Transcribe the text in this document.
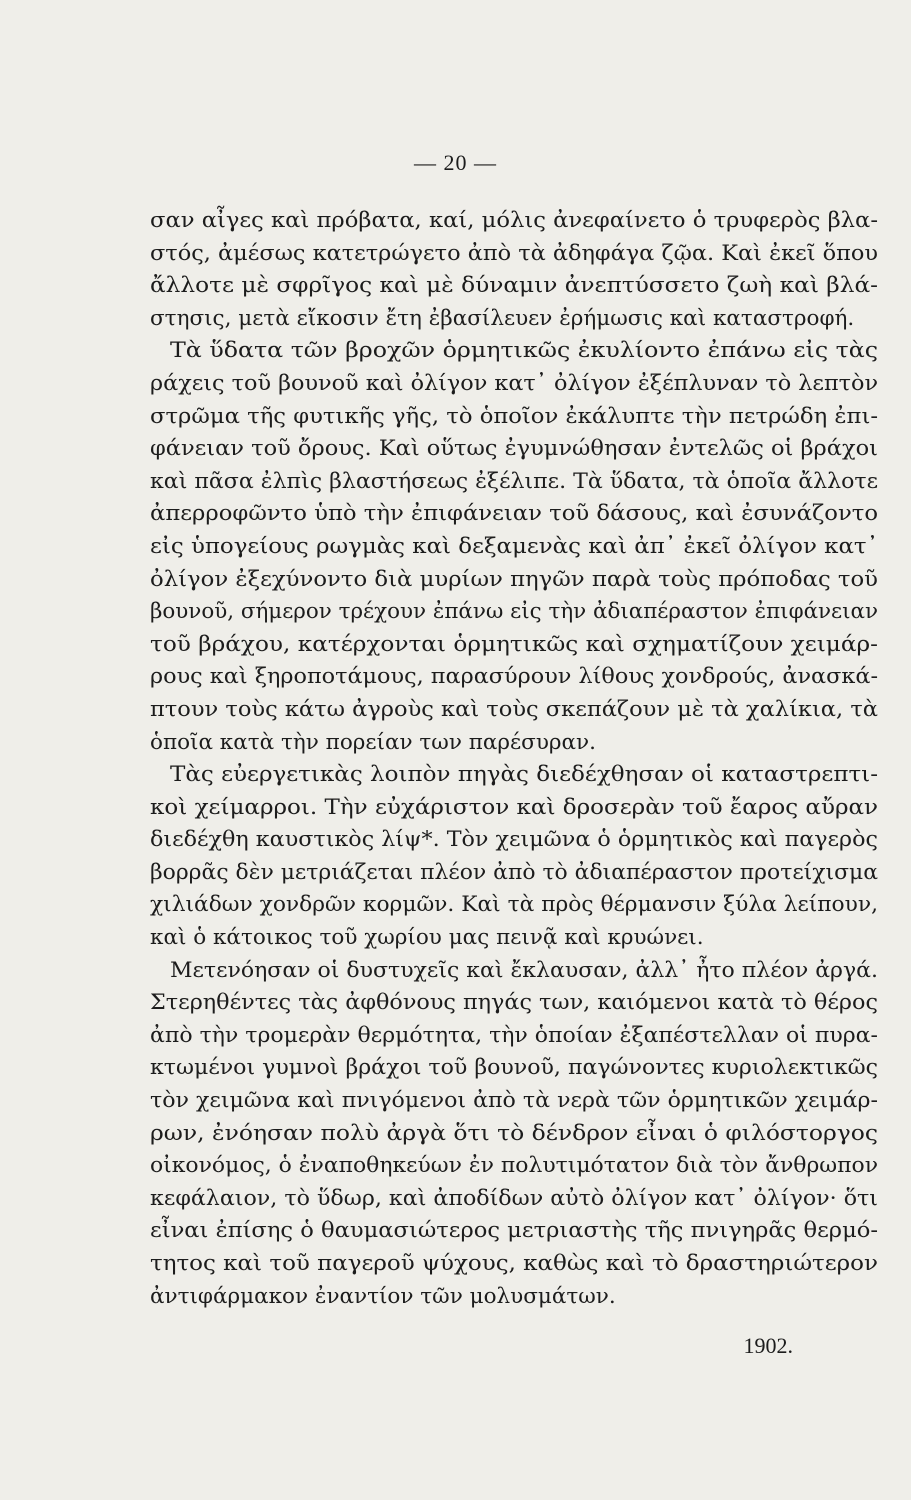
— 20 —
σαν αἶγες καὶ πρόβατα, καί, μόλις ἀνεφαίνετο ὁ τρυφερὸς βλα-
στός, ἀμέσως κατετρώγετο ἀπὸ τὰ ἀδηφάγα ζῷα. Καὶ ἐκεῖ ὅπου
ἄλλοτε μὲ σφρῖγος καὶ μὲ δύναμιν ἀνεπτύσσετο ζωὴ καὶ βλά-
στησις, μετὰ εἴκοσιν ἔτη ἐβασίλευεν ἐρήμωσις καὶ καταστροφή.
Τὰ ὕδατα τῶν βροχῶν ὁρμητικῶς ἐκυλίοντο ἐπάνω εἰς τὰς
ράχεις τοῦ βουνοῦ καὶ ὀλίγον κατ᾽ ὀλίγον ἐξέπλυναν τὸ λεπτὸν
στρῶμα τῆς φυτικῆς γῆς, τὸ ὁποῖον ἐκάλυπτε τὴν πετρώδη ἐπι-
φάνειαν τοῦ ὄρους. Καὶ οὕτως ἐγυμνώθησαν ἐντελῶς οἱ βράχοι
καὶ πᾶσα ἐλπὶς βλαστήσεως ἐξέλιπε. Τὰ ὕδατα, τὰ ὁποῖα ἄλλοτε
ἀπερροφῶντο ὑπὸ τὴν ἐπιφάνειαν τοῦ δάσους, καὶ ἐσυνάζοντο
εἰς ὑπογείους ρωγμὰς καὶ δεξαμενὰς καὶ ἀπ᾽ ἐκεῖ ὀλίγον κατ᾽
ὀλίγον ἐξεχύνοντο διὰ μυρίων πηγῶν παρὰ τοὺς πρόποδας τοῦ
βουνοῦ, σήμερον τρέχουν ἐπάνω εἰς τὴν ἀδιαπέραστον ἐπιφάνειαν
τοῦ βράχου, κατέρχονται ὁρμητικῶς καὶ σχηματίζουν χειμάρ-
ρους καὶ ξηροποτάμους, παρασύρουν λίθους χονδρούς, ἀνασκά-
πτουν τοὺς κάτω ἀγροὺς καὶ τοὺς σκεπάζουν μὲ τὰ χαλίκια, τὰ
ὁποῖα κατὰ τὴν πορείαν των παρέσυραν.
Τὰς εὐεργετικὰς λοιπὸν πηγὰς διεδέχθησαν οἱ καταστρεπτι-
κοὶ χείμαρροι. Τὴν εὐχάριστον καὶ δροσερὰν τοῦ ἔαρος αὔραν
διεδέχθη καυστικὸς λίψ*. Τὸν χειμῶνα ὁ ὁρμητικὸς καὶ παγερὸς
βορρᾶς δὲν μετριάζεται πλέον ἀπὸ τὸ ἀδιαπέραστον προτείχισμα
χιλιάδων χονδρῶν κορμῶν. Καὶ τὰ πρὸς θέρμανσιν ξύλα λείπουν,
καὶ ὁ κάτοικος τοῦ χωρίου μας πεινᾷ καὶ κρυώνει.
Μετενόησαν οἱ δυστυχεῖς καὶ ἔκλαυσαν, ἀλλ᾽ ἦτο πλέον ἀργά.
Στερηθέντες τὰς ἀφθόνους πηγάς των, καιόμενοι κατὰ τὸ θέρος
ἀπὸ τὴν τρομερὰν θερμότητα, τὴν ὁποίαν ἐξαπέστελλαν οἱ πυρα-
κτωμένοι γυμνοὶ βράχοι τοῦ βουνοῦ, παγώνοντες κυριολεκτικῶς
τὸν χειμῶνα καὶ πνιγόμενοι ἀπὸ τὰ νερὰ τῶν ὁρμητικῶν χειμάρ-
ρων, ἐνόησαν πολὺ ἀργὰ ὅτι τὸ δένδρον εἶναι ὁ φιλόστοργος
οἰκονόμος, ὁ ἐναποθηκεύων ἐν πολυτιμότατον διὰ τὸν ἄνθρωπον
κεφάλαιον, τὸ ὕδωρ, καὶ ἀποδίδων αὐτὸ ὀλίγον κατ᾽ ὀλίγον· ὅτι
εἶναι ἐπίσης ὁ θαυμασιώτερος μετριαστὴς τῆς πνιγηρᾶς θερμό-
τητος καὶ τοῦ παγεροῦ ψύχους, καθὼς καὶ τὸ δραστηριώτερον
ἀντιφάρμακον ἐναντίον τῶν μολυσμάτων.
1902.
